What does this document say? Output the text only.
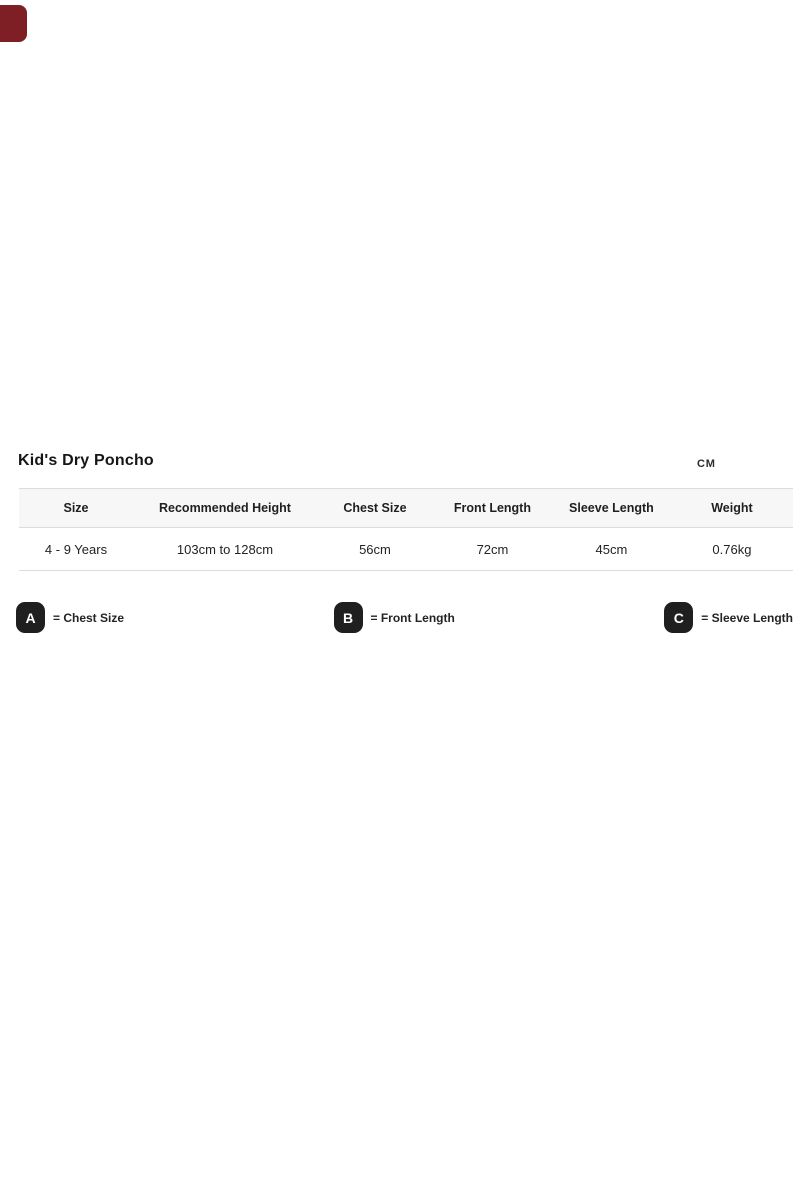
Kid's Dry Poncho	CM
Size	Recommended Height	Chest Size	Front Length	Sleeve Length	Weight
4 - 9 Years	103cm to 128cm	56cm	72cm	45cm	0.76kg
A	= Chest Size	B	= Front Length	C	= Sleeve Length
